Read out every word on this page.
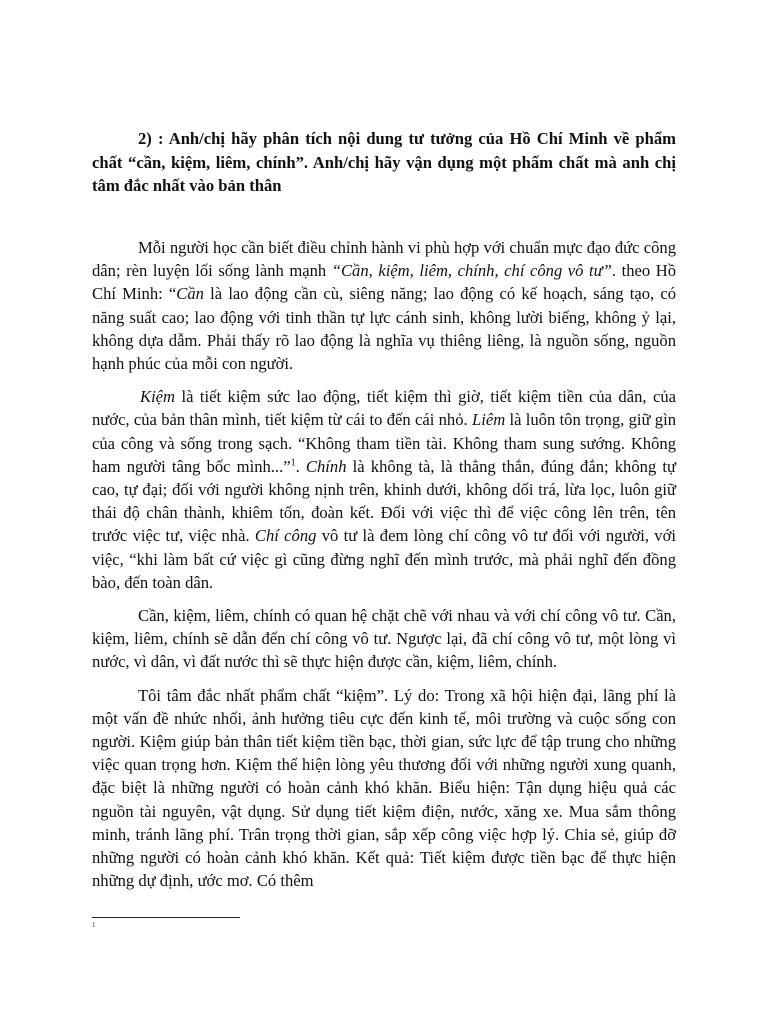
2) : Anh/chị hãy phân tích nội dung tư tưởng của Hồ Chí Minh về phẩm chất “cần, kiệm, liêm, chính”. Anh/chị hãy vận dụng một phẩm chất mà anh chị tâm đắc nhất vào bản thân

Mỗi người học cần biết điều chỉnh hành vi phù hợp với chuẩn mực đạo đức công dân; rèn luyện lối sống lành mạnh “Cần, kiệm, liêm, chính, chí công vô tư”. theo Hồ Chí Minh: “Cần là lao động cần cù, siêng năng; lao động có kế hoạch, sáng tạo, có năng suất cao; lao động với tinh thần tự lực cánh sinh, không lười biếng, không ỷ lại, không dựa dẫm. Phải thấy rõ lao động là nghĩa vụ thiêng liêng, là nguồn sống, nguồn hạnh phúc của mỗi con người.

Kiệm là tiết kiệm sức lao động, tiết kiệm thì giờ, tiết kiệm tiền của dân, của nước, của bản thân mình, tiết kiệm từ cái to đến cái nhỏ. Liêm là luôn tôn trọng, giữ gìn của công và sống trong sạch. “Không tham tiền tài. Không tham sung sướng. Không ham người tâng bốc mình...”$^1$. Chính là không tà, là thẳng thắn, đúng đắn; không tự cao, tự đại; đối với người không nịnh trên, khinh dưới, không dối trá, lừa lọc, luôn giữ thái độ chân thành, khiêm tốn, đoàn kết. Đối với việc thì để việc công lên trên, tên trước việc tư, việc nhà. Chí công vô tư là đem lòng chí công vô tư đối với người, với việc, “khi làm bất cứ việc gì cũng đừng nghĩ đến mình trước, mà phải nghĩ đến đồng bào, đến toàn dân.

Cần, kiệm, liêm, chính có quan hệ chặt chẽ với nhau và với chí công vô tư. Cần, kiệm, liêm, chính sẽ dẫn đến chí công vô tư. Ngược lại, đã chí công vô tư, một lòng vì nước, vì dân, vì đất nước thì sẽ thực hiện được cần, kiệm, liêm, chính.

Tôi tâm đắc nhất phẩm chất “kiệm”. Lý do: Trong xã hội hiện đại, lãng phí là một vấn đề nhức nhối, ảnh hưởng tiêu cực đến kinh tế, môi trường và cuộc sống con người. Kiệm giúp bản thân tiết kiệm tiền bạc, thời gian, sức lực để tập trung cho những việc quan trọng hơn. Kiệm thể hiện lòng yêu thương đối với những người xung quanh, đặc biệt là những người có hoàn cảnh khó khăn. Biểu hiện: Tận dụng hiệu quả các nguồn tài nguyên, vật dụng. Sử dụng tiết kiệm điện, nước, xăng xe. Mua sắm thông minh, tránh lãng phí. Trân trọng thời gian, sắp xếp công việc hợp lý. Chia sẻ, giúp đỡ những người có hoàn cảnh khó khăn. Kết quả: Tiết kiệm được tiền bạc để thực hiện những dự định, ước mơ. Có thêm

1
